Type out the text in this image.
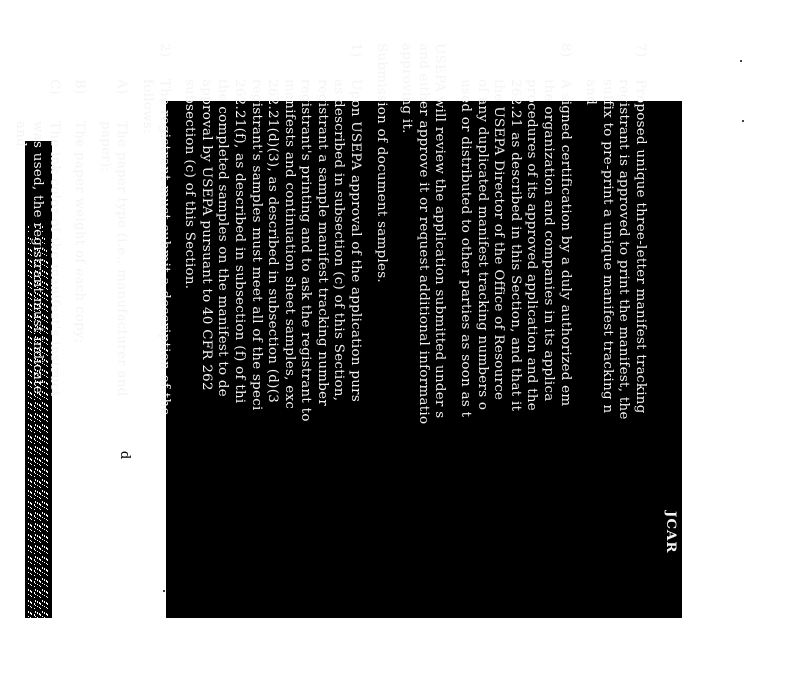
d
JCAR
7)

Proposed unique three-letter manifest tracking

registrant is approved to print the manifest, the

suffix to pre-print a unique manifest tracking n

and

8)

A signed certification by a duly authorized em

the organization and companies in its applica

procedures of its approved application and the

262.21 as described in this Section, and that it

the USEPA Director of the Office of Resource

of any duplicated manifest tracking numbers o

used or distributed to other parties as soon as t

USEPA will review the application submitted under s

and either approve it or request additional informatio

approving it.

Submission of document samples.

1)

Upon USEPA approval of the application purs

as described in subsection (c) of this Section,

registrant a sample manifest tracking number

registrant's printing and to ask the registrant to

manifests and continuation sheet samples, exc

262.21(d)(3), as described in subsection (d)(3

registrant's samples must meet all of the speci

262.21(f), as described in subsection (f) of thi

the completed samples on the manifest to de

approval by USEPA pursuant to 40 CFR 262

subsection (c) of this Section.

2)

The registrant must submit a description of the

follows:

A)

The paper type (i.e., manufacturer and

paper);

B)

The paper weight of each copy;

C)

The ink color of the manifest's instruct

was used, the registrant must indicate

and
